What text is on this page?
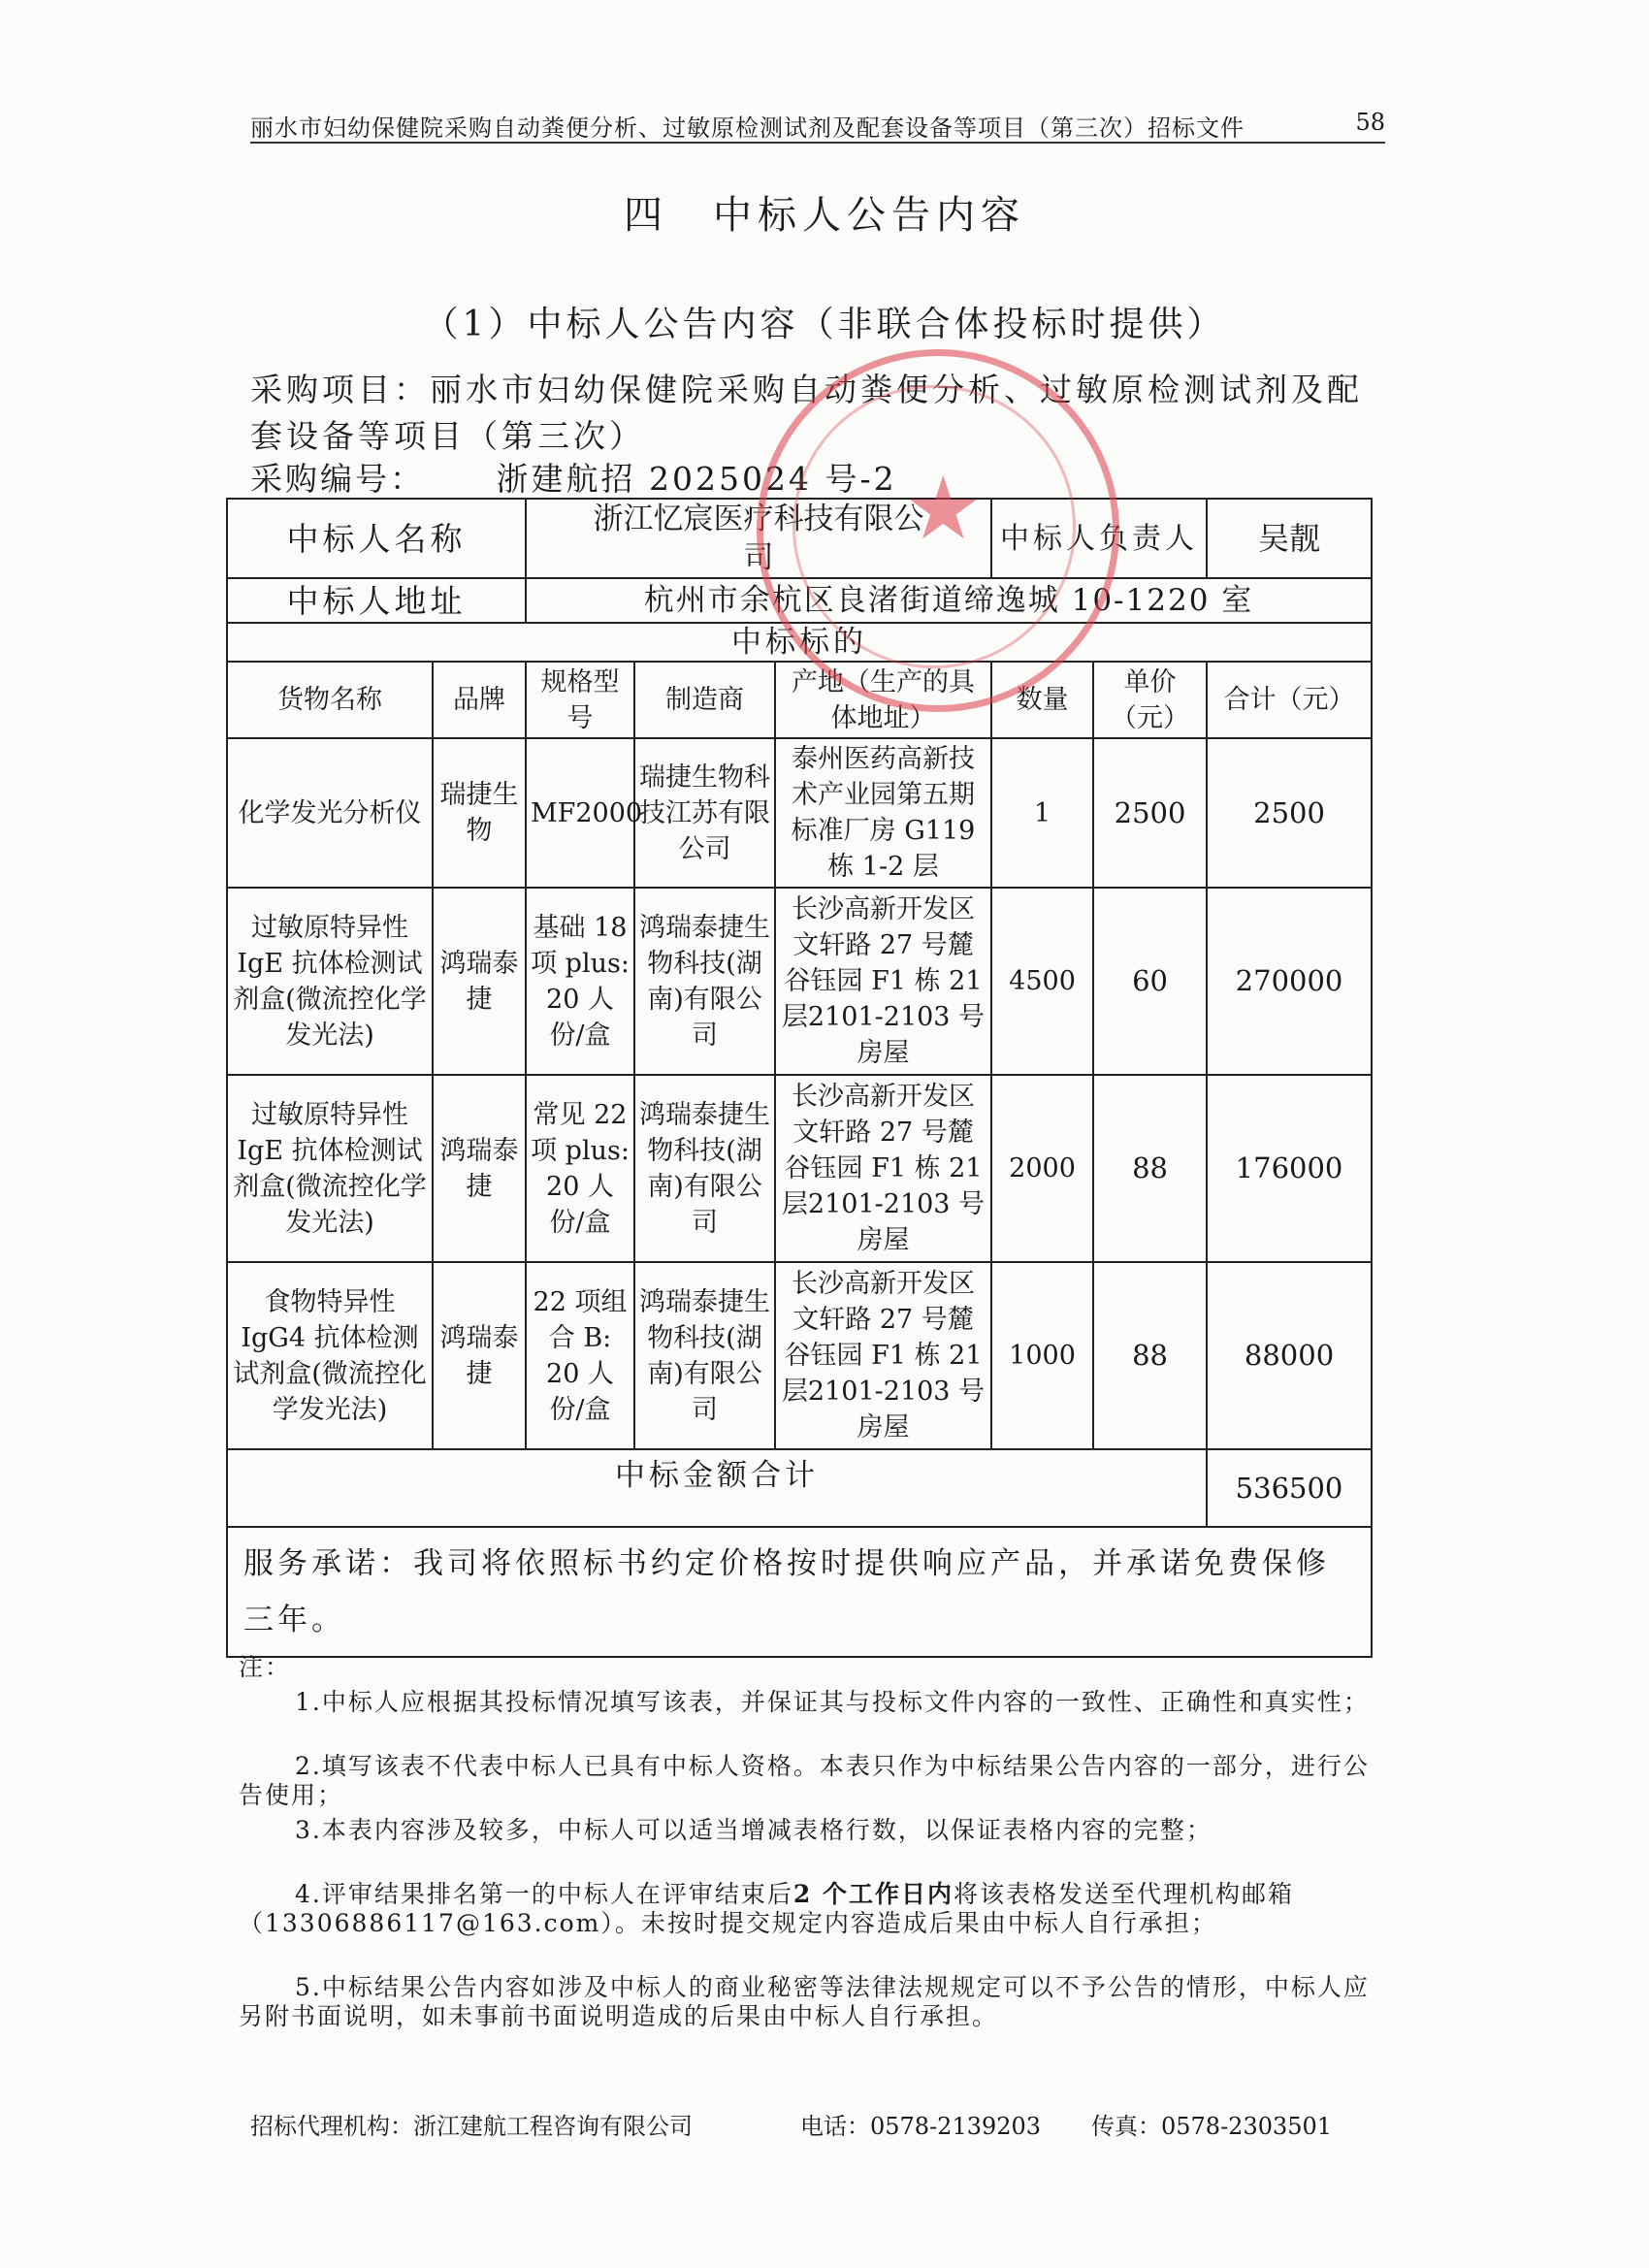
丽水市妇幼保健院采购自动粪便分析、过敏原检测试剂及配套设备等项目（第三次）招标文件	58
四　中标人公告内容
（1）中标人公告内容（非联合体投标时提供）
采购项目：丽水市妇幼保健院采购自动粪便分析、过敏原检测试剂及配套设备等项目（第三次）
采购编号： 浙建航招 2025024 号-2
中标人名称		浙江忆宸医疗科技有限公司			中标人负责人		吴靓
中标人地址		杭州市余杭区良渚街道缔逸城 10-1220 室					
中标标的							
货物名称	品牌	规格型号	制造商	产地（生产的具体地址）	数量	单价（元）	合计（元）
化学发光分析仪	瑞捷生物	MF2000	瑞捷生物科技江苏有限公司	泰州医药高新技术产业园第五期标准厂房 G119 栋 1-2 层	1	2500	2500
过敏原特异性 IgE 抗体检测试剂盒(微流控化学发光法)	鸿瑞泰捷	基础 18 项 plus: 20 人份/盒	鸿瑞泰捷生物科技(湖南)有限公司	长沙高新开发区文轩路 27 号麓谷钰园 F1 栋 21层2101-2103 号房屋	4500	60	270000
过敏原特异性 IgE 抗体检测试剂盒(微流控化学发光法)	鸿瑞泰捷	常见 22 项 plus: 20 人份/盒	鸿瑞泰捷生物科技(湖南)有限公司	长沙高新开发区文轩路 27 号麓谷钰园 F1 栋 21层2101-2103 号房屋	2000	88	176000
食物特异性 IgG4 抗体检测试剂盒(微流控化学发光法)	鸿瑞泰捷	22 项组合 B: 20 人份/盒	鸿瑞泰捷生物科技(湖南)有限公司	长沙高新开发区文轩路 27 号麓谷钰园 F1 栋 21层2101-2103 号房屋	1000	88	88000
中标金额合计							536500
服务承诺：我司将依照标书约定价格按时提供响应产品，并承诺免费保修三年。							
注：
1.中标人应根据其投标情况填写该表，并保证其与投标文件内容的一致性、正确性和真实性；
2.填写该表不代表中标人已具有中标人资格。本表只作为中标结果公告内容的一部分，进行公告使用；
3.本表内容涉及较多，中标人可以适当增减表格行数，以保证表格内容的完整；
4.评审结果排名第一的中标人在评审结束后2 个工作日内将该表格发送至代理机构邮箱（13306886117@163.com）。未按时提交规定内容造成后果由中标人自行承担；
5.中标结果公告内容如涉及中标人的商业秘密等法律法规规定可以不予公告的情形，中标人应另附书面说明，如未事前书面说明造成的后果由中标人自行承担。
招标代理机构：浙江建航工程咨询有限公司	电话：0578-2139203 传真：0578-2303501
★
